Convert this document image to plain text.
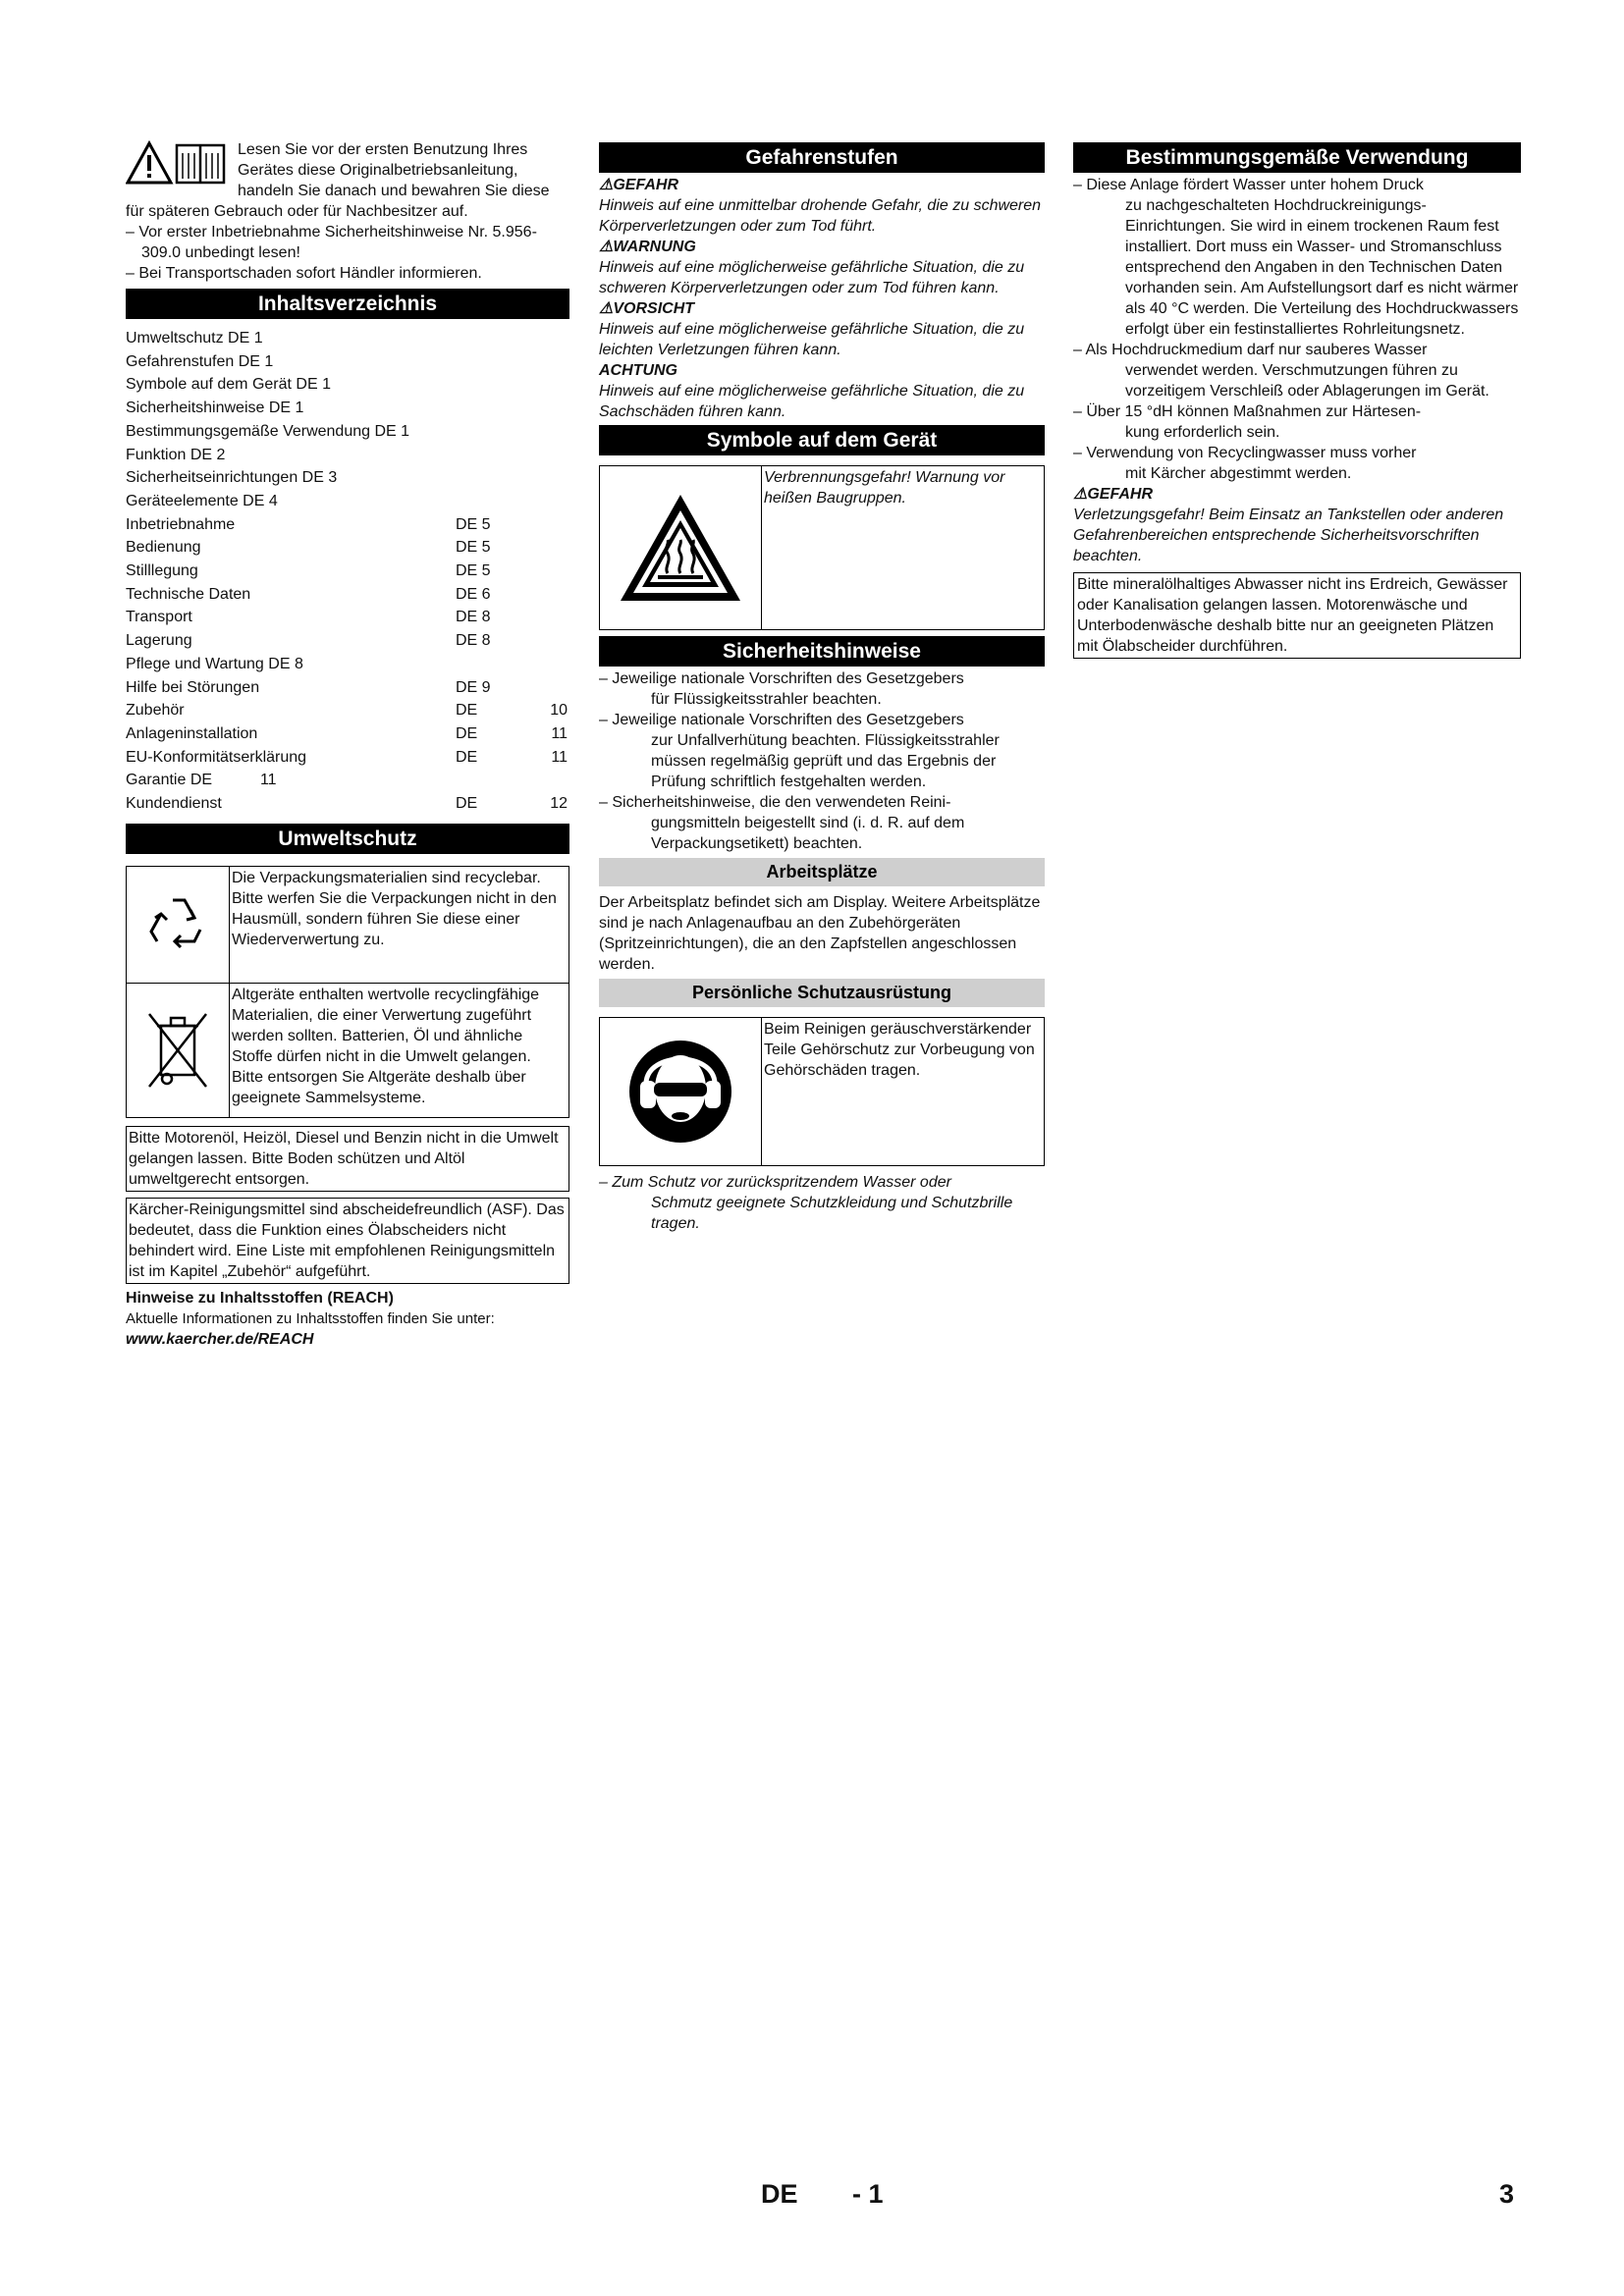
Lesen Sie vor der ersten Benutzung Ihres Gerätes diese Originalbetriebsanleitung, handeln Sie danach und bewahren Sie diese für späteren Gebrauch oder für Nachbesitzer auf.

– Vor erster Inbetriebnahme Sicherheitshinweise Nr. 5.956-309.0 unbedingt lesen!

– Bei Transportschaden sofort Händler informieren.

Inhaltsverzeichnis
Umweltschutz DE 1
Gefahrenstufen DE 1
Symbole auf dem Gerät DE 1
Sicherheitshinweise DE 1
Bestimmungsgemäße Verwendung DE 1
Funktion DE 2
Sicherheitseinrichtungen DE 3
Geräteelemente DE 4
Inbetriebnahme	DE 5
Bedienung	DE 5
Stilllegung	DE 5
Technische Daten	DE 6
Transport	DE 8
Lagerung	DE 8
Pflege und Wartung DE 8
Hilfe bei Störungen	DE 9
Zubehör	DE	10
Anlageninstallation	DE	11
EU-Konformitätserklärung	DE	11
Garantie DE           11
Kundendienst	DE	12
Umweltschutz
Die Verpackungsmaterialien sind recyclebar. Bitte werfen Sie die Verpackungen nicht in den Hausmüll, sondern führen Sie diese einer Wiederverwertung zu.
Altgeräte enthalten wertvolle recyclingfähige Materialien, die einer Verwertung zugeführt werden sollten. Batterien, Öl und ähnliche Stoffe dürfen nicht in die Umwelt gelangen. Bitte entsorgen Sie Altgeräte deshalb über geeignete Sammelsysteme.
Bitte Motorenöl, Heizöl, Diesel und Benzin nicht in die Umwelt gelangen lassen. Bitte Boden schützen und Altöl umweltgerecht entsorgen.
Kärcher-Reinigungsmittel sind abscheidefreundlich (ASF). Das bedeutet, dass die Funktion eines Ölabscheiders nicht behindert wird. Eine Liste mit empfohlenen Reinigungsmitteln ist im Kapitel „Zubehör“ aufgeführt.

Hinweise zu Inhaltsstoffen (REACH)

Aktuelle Informationen zu Inhaltsstoffen finden Sie unter:

www.kaercher.de/REACH

Gefahrenstufen

⚠GEFAHR

Hinweis auf eine unmittelbar drohende Gefahr, die zu schweren Körperverletzungen oder zum Tod führt.

⚠WARNUNG

Hinweis auf eine möglicherweise gefährliche Situation, die zu schweren Körperverletzungen oder zum Tod führen kann.

⚠VORSICHT

Hinweis auf eine möglicherweise gefährliche Situation, die zu leichten Verletzungen führen kann.

ACHTUNG

Hinweis auf eine möglicherweise gefährliche Situation, die zu Sachschäden führen kann.

Symbole auf dem Gerät
Verbrennungsgefahr! Warnung vor heißen Baugruppen.
Sicherheitshinweise

– Jeweilige nationale Vorschriften des Gesetzgebers
für Flüssigkeitsstrahler beachten.

– Jeweilige nationale Vorschriften des Gesetzgebers
zur Unfallverhütung beachten. Flüssigkeitsstrahler müssen regelmäßig geprüft und das Ergebnis der Prüfung schriftlich festgehalten werden.

– Sicherheitshinweise, die den verwendeten Reini-
gungsmitteln beigestellt sind (i. d. R. auf dem Verpackungsetikett) beachten.

Arbeitsplätze

Der Arbeitsplatz befindet sich am Display. Weitere Arbeitsplätze sind je nach Anlagenaufbau an den Zubehörgeräten (Spritzeinrichtungen), die an den Zapfstellen angeschlossen werden.

Persönliche Schutzausrüstung
Beim Reinigen geräuschverstärkender Teile Gehörschutz zur Vorbeugung von Gehörschäden tragen.

– Zum Schutz vor zurückspritzendem Wasser oder
Schmutz geeignete Schutzkleidung und Schutzbrille tragen.

Bestimmungsgemäße Verwendung

– Diese Anlage fördert Wasser unter hohem Druck
zu nachgeschalteten Hochdruckreinigungs-Einrichtungen. Sie wird in einem trockenen Raum fest installiert. Dort muss ein Wasser- und Stromanschluss entsprechend den Angaben in den Technischen Daten vorhanden sein. Am Aufstellungsort darf es nicht wärmer als 40 °C werden. Die Verteilung des Hochdruckwassers erfolgt über ein festinstalliertes Rohrleitungsnetz.

– Als Hochdruckmedium darf nur sauberes Wasser
verwendet werden. Verschmutzungen führen zu vorzeitigem Verschleiß oder Ablagerungen im Gerät.

– Über 15 °dH können Maßnahmen zur Härtesen-
kung erforderlich sein.

– Verwendung von Recyclingwasser muss vorher
mit Kärcher abgestimmt werden.

⚠GEFAHR

Verletzungsgefahr! Beim Einsatz an Tankstellen oder anderen Gefahrenbereichen entsprechende Sicherheitsvorschriften beachten.

Bitte mineralölhaltiges Abwasser nicht ins Erdreich, Gewässer oder Kanalisation gelangen lassen. Motorenwäsche und Unterbodenwäsche deshalb bitte nur an geeigneten Plätzen mit Ölabscheider durchführen.
DE - 1	3
